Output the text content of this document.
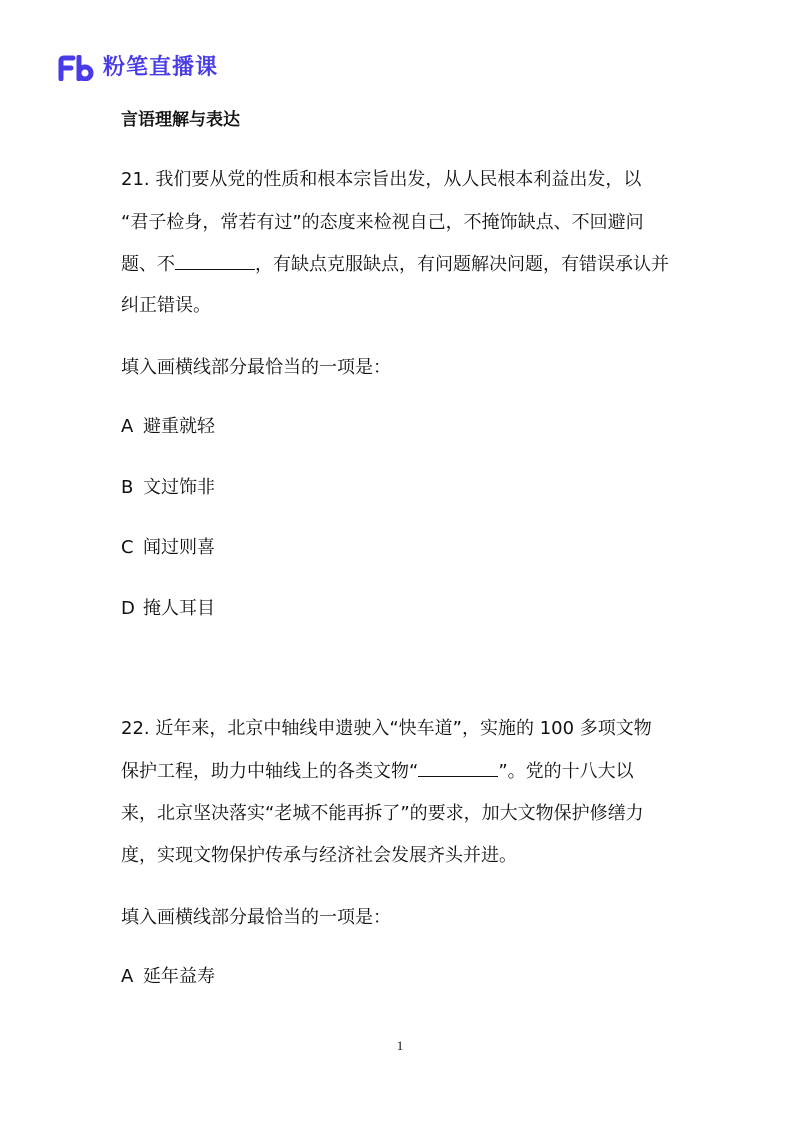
粉笔直播课
言语理解与表达
21. 我们要从党的性质和根本宗旨出发，从人民根本利益出发，以
“君子检身，常若有过”的态度来检视自己，不掩饰缺点、不回避问
题、不	，有缺点克服缺点，有问题解决问题，有错误承认并
纠正错误。
填入画横线部分最恰当的一项是：
A 避重就轻
B 文过饰非
C 闻过则喜
D 掩人耳目
22. 近年来，北京中轴线申遗驶入“快车道”，实施的 100 多项文物
保护工程，助力中轴线上的各类文物“	”。党的十八大以
来，北京坚决落实“老城不能再拆了”的要求，加大文物保护修缮力
度，实现文物保护传承与经济社会发展齐头并进。
填入画横线部分最恰当的一项是：
A 延年益寿
1
